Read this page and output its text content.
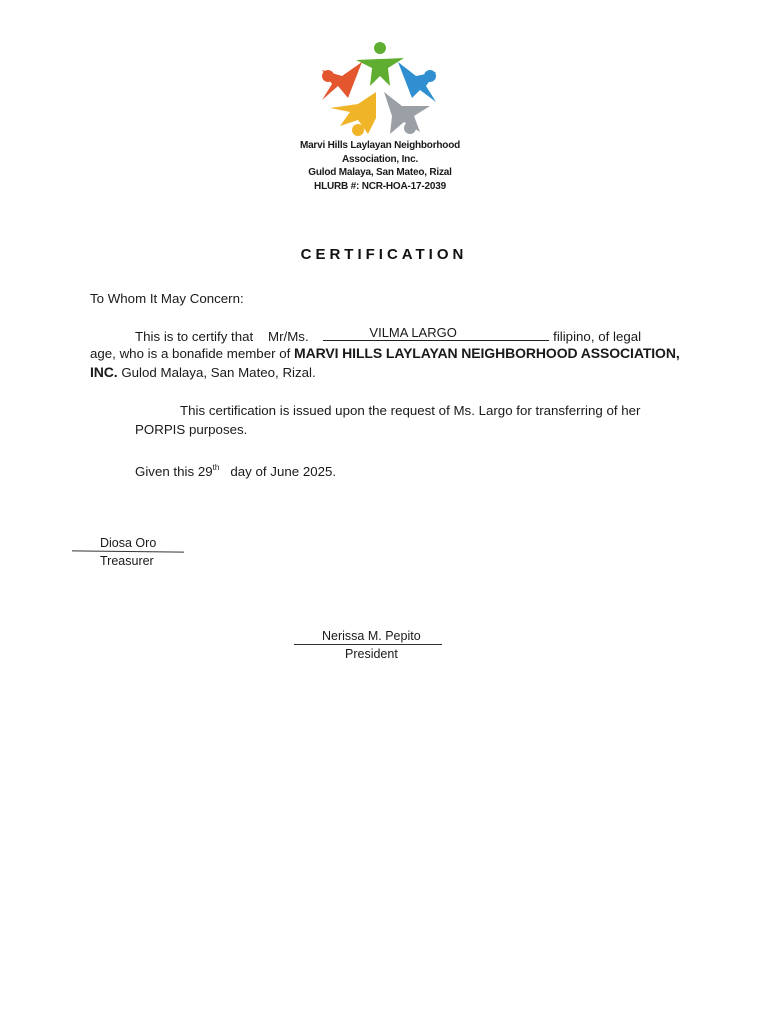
Marvi Hills Laylayan Neighborhood
Association, Inc.
Gulod Malaya, San Mateo, Rizal
HLURB #: NCR-HOA-17-2039
CERTIFICATION
To Whom It May Concern:
This is to certify that Mr/Ms.	VILMA LARGO	filipino, of legal
age, who is a bonafide member of MARVI HILLS LAYLAYAN NEIGHBORHOOD ASSOCIATION,
INC. Gulod Malaya, San Mateo, Rizal.
This certification is issued upon the request of Ms. Largo for transferring of her
PORPIS purposes.
Given this 29th day of June 2025.
Diosa Oro
Treasurer
Nerissa M. Pepito
President
